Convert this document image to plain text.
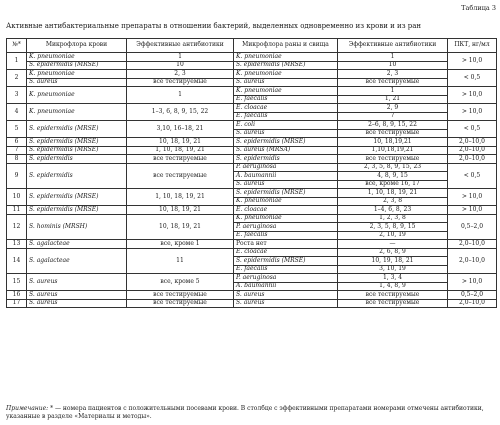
Таблица 3
Активные антибактериальные препараты в отношении бактерий, выделенных одновременно из крови и из ран
№*	Микрофлора крови	Эффективные антибиотики	Микрофлора раны и свища	Эффективные антибиотики	ПКТ, нг/мл
1	K. pneumoniae	1	K. pneumoniae	1	> 10,0
	S. epidermidis (MRSE)	10	S. epidermidis (MRSE)	10	
2	K. pneumoniae	2, 3	K. pneumoniae	2, 3	< 0,5
	S. aureus	все тестируемые	S. aureus	все тестируемые	
3	K. pneumoniae	1	K. pneumoniae	1	> 10,0
			E. faecalis	1, 21	
4	K. pneumoniae	1–3, 6, 8, 9, 15, 22	E. cloacae	2, 9	> 10,0
			E. faecalis	7	
5	S. epidermidis (MRSE)	3,10, 16–18, 21	E. coli	2–6, 8, 9, 15, 22	< 0,5
			S. aureus	все тестируемые	
6	S. epidermidis (MRSE)	10, 18, 19, 21	S. epidermidis (MRSE)	10, 18,19,21	2,0–10,0
7	S. epidermidis (MRSE)	1, 10, 18, 19, 21	S. aureus (MRSA)	1,10,18,19,21	2,0–10,0
8	S. epidermidis	все тестируемые	S. epidermidis	все тестируемые	2,0–10,0
9	S. epidermidis	все тестируемые	P. aeruginosa	2, 3, 5, 8, 9, 15, 23	< 0,5
			A. baumannii	4, 8, 9, 15	
			S. aureus	все, кроме 16, 17	
10	S. epidermidis (MRSE)	1, 10, 18, 19, 21	S. epidermidis (MRSE)	1, 10, 18, 19, 21	> 10,0
			K. pneumoniae	2, 3, 8	
11	S. epidermidis (MRSE)	10, 18, 19, 21	E. cloacae	1–4, 6, 8, 23	> 10,0
12	S. hominis (MRSH)	10, 18, 19, 21	K. pneumoniae	1, 2, 3, 8	0,5–2,0
			P. aeruginosa	2, 3, 5, 8, 9, 15	
			E. faecalis	2, 10, 19	
13	S. agalacteae	все, кроме 1	Роста нет	—	2,0–10,0
14	S. agalacteae	11	E. cloacae	2, 6, 8, 9	2,0–10,0
			S. epidermidis (MRSE)	10, 19, 18, 21	
			E. faecalis	3, 10, 19	
15	S. aureus	все, кроме 5	P. aeruginosa	1, 3, 4	> 10,0
			A. baumannii	1, 4, 8, 9	
16	S. aureus	все тестируемые	S. aureus	все тестируемые	0,5–2,0
17	S. aureus	все тестируемые	S. aureus	все тестируемые	2,0–10,0
Примечание: * — номера пациентов с положительными посевами крови. В столбце с эффективными препаратами номерами отмечены антибиотики, указанные в разделе «Материалы и методы».
